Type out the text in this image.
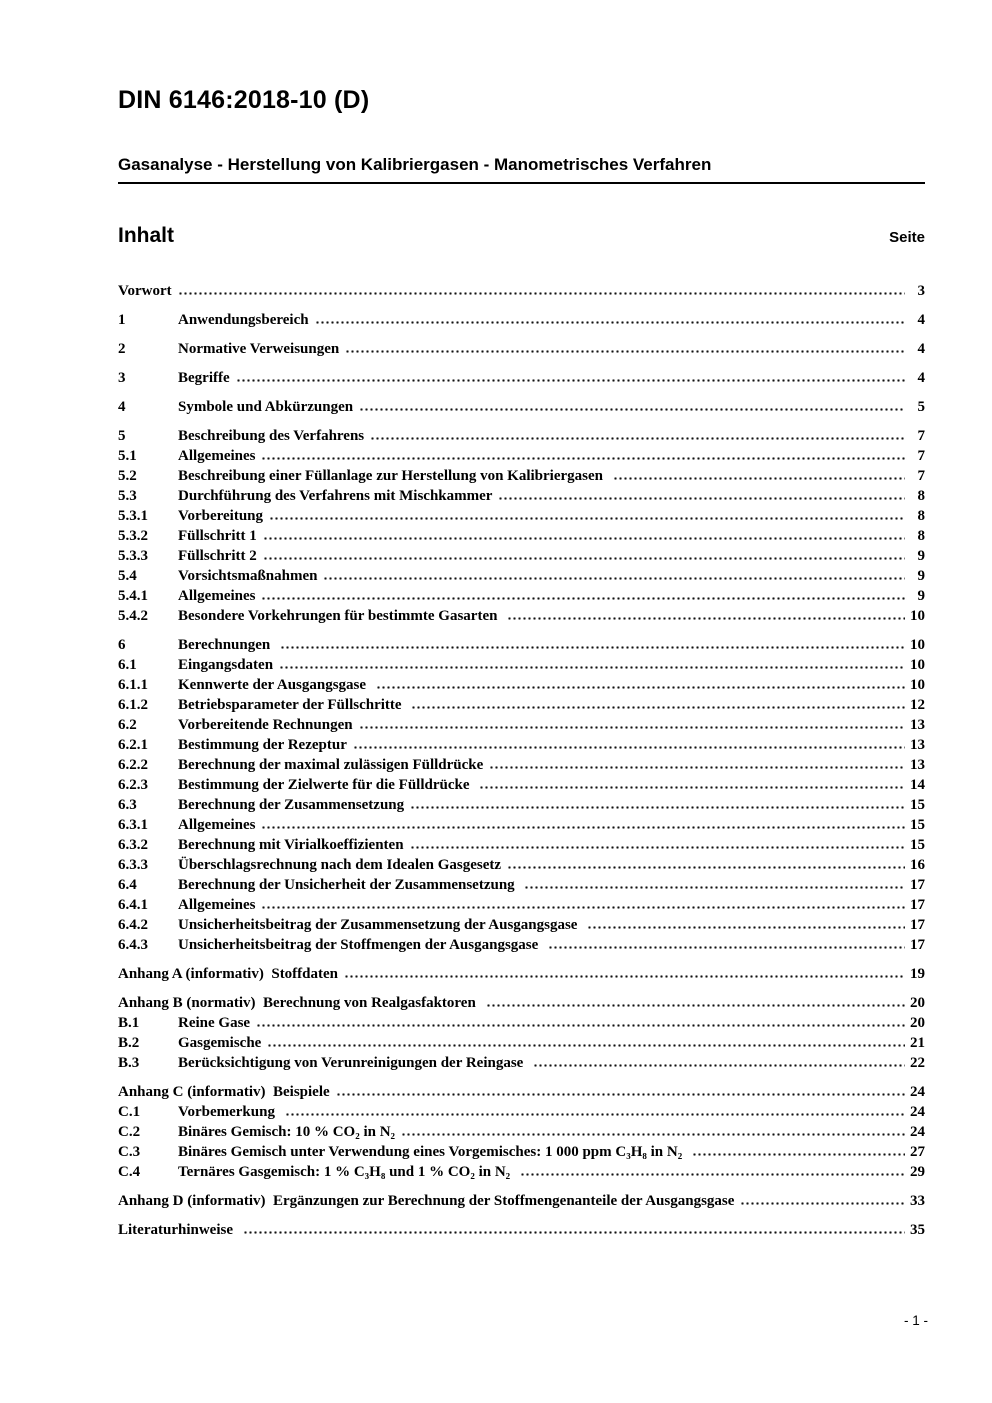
DIN 6146:2018-10 (D)
Gasanalyse - Herstellung von Kalibriergasen - Manometrisches Verfahren
Inhalt	Seite
Vorwort	3
1	Anwendungsbereich	4
2	Normative Verweisungen	4
3	Begriffe	4
4	Symbole und Abkürzungen	5
5	Beschreibung des Verfahrens	7
5.1	Allgemeines	7
5.2	Beschreibung einer Füllanlage zur Herstellung von Kalibriergasen	7
5.3	Durchführung des Verfahrens mit Mischkammer	8
5.3.1	Vorbereitung	8
5.3.2	Füllschritt 1	8
5.3.3	Füllschritt 2	9
5.4	Vorsichtsmaßnahmen	9
5.4.1	Allgemeines	9
5.4.2	Besondere Vorkehrungen für bestimmte Gasarten	10
6	Berechnungen	10
6.1	Eingangsdaten	10
6.1.1	Kennwerte der Ausgangsgase	10
6.1.2	Betriebsparameter der Füllschritte	12
6.2	Vorbereitende Rechnungen	13
6.2.1	Bestimmung der Rezeptur	13
6.2.2	Berechnung der maximal zulässigen Fülldrücke	13
6.2.3	Bestimmung der Zielwerte für die Fülldrücke	14
6.3	Berechnung der Zusammensetzung	15
6.3.1	Allgemeines	15
6.3.2	Berechnung mit Virialkoeffizienten	15
6.3.3	Überschlagsrechnung nach dem Idealen Gasgesetz	16
6.4	Berechnung der Unsicherheit der Zusammensetzung	17
6.4.1	Allgemeines	17
6.4.2	Unsicherheitsbeitrag der Zusammensetzung der Ausgangsgase	17
6.4.3	Unsicherheitsbeitrag der Stoffmengen der Ausgangsgase	17
Anhang A (informativ)  Stoffdaten	19
Anhang B (normativ)  Berechnung von Realgasfaktoren	20
B.1	Reine Gase	20
B.2	Gasgemische	21
B.3	Berücksichtigung von Verunreinigungen der Reingase	22
Anhang C (informativ)  Beispiele	24
C.1	Vorbemerkung	24
C.2	Binäres Gemisch: 10 % CO₂ in N₂	24
C.3	Binäres Gemisch unter Verwendung eines Vorgemisches: 1 000 ppm C₃H₈ in N₂	27
C.4	Ternäres Gasgemisch: 1 % C₃H₈ und 1 % CO₂ in N₂	29
Anhang D (informativ)  Ergänzungen zur Berechnung der Stoffmengenanteile der Ausgangsgase	33
Literaturhinweise	35
- 1 -
